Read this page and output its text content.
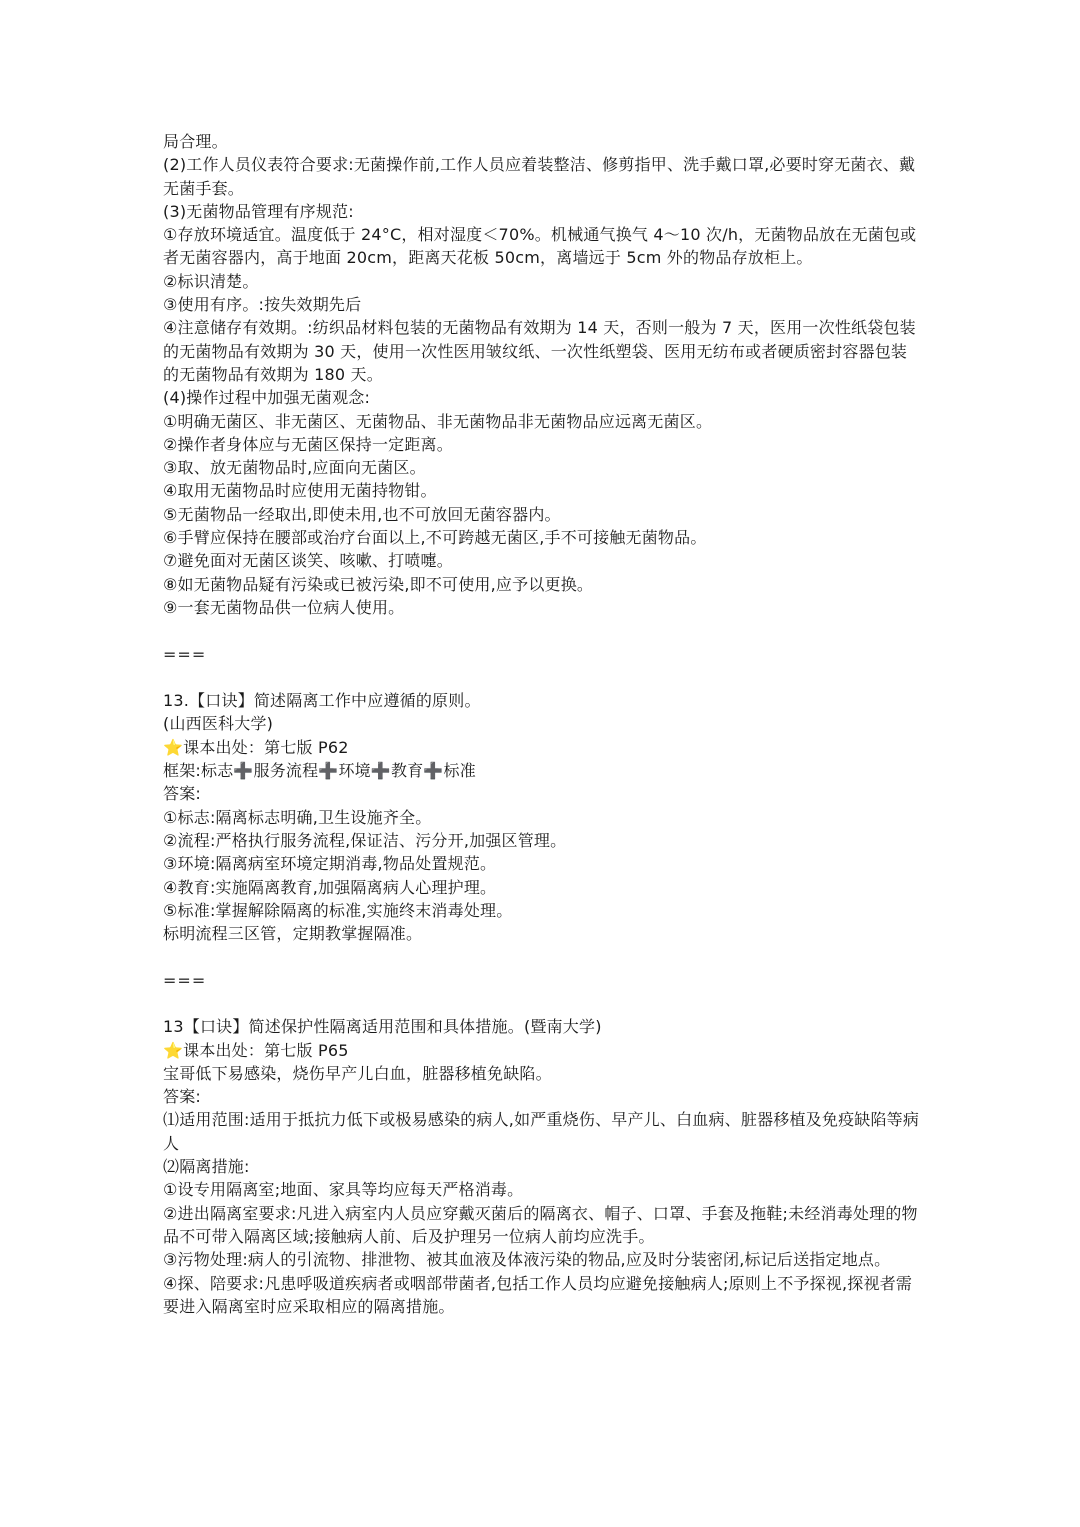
局合理。
(2)工作人员仪表符合要求:无菌操作前,工作人员应着装整洁、修剪指甲、洗手戴口罩,必要时穿无菌衣、戴无菌手套。
(3)无菌物品管理有序规范:
①存放环境适宜。温度低于 24°C，相对湿度＜70%。机械通气换气 4～10 次/h，无菌物品放在无菌包或者无菌容器内，高于地面 20cm，距离天花板 50cm，离墙远于 5cm 外的物品存放柜上。
②标识清楚。
③使用有序。:按失效期先后
④注意储存有效期。:纺织品材料包装的无菌物品有效期为 14 天，否则一般为 7 天，医用一次性纸袋包装的无菌物品有效期为 30 天，使用一次性医用皱纹纸、一次性纸塑袋、医用无纺布或者硬质密封容器包装的无菌物品有效期为 180 天。
(4)操作过程中加强无菌观念:
①明确无菌区、非无菌区、无菌物品、非无菌物品非无菌物品应远离无菌区。
②操作者身体应与无菌区保持一定距离。
③取、放无菌物品时,应面向无菌区。
④取用无菌物品时应使用无菌持物钳。
⑤无菌物品一经取出,即使未用,也不可放回无菌容器内。
⑥手臂应保持在腰部或治疗台面以上,不可跨越无菌区,手不可接触无菌物品。
⑦避免面对无菌区谈笑、咳嗽、打喷嚏。
⑧如无菌物品疑有污染或已被污染,即不可使用,应予以更换。
⑨一套无菌物品供一位病人使用。
===
13.【口诀】简述隔离工作中应遵循的原则。
(山西医科大学)
⭐课本出处：第七版 P62
框架:标志➕服务流程➕环境➕教育➕标准
答案:
①标志:隔离标志明确,卫生设施齐全。
②流程:严格执行服务流程,保证洁、污分开,加强区管理。
③环境:隔离病室环境定期消毒,物品处置规范。
④教育:实施隔离教育,加强隔离病人心理护理。
⑤标准:掌握解除隔离的标准,实施终末消毒处理。
标明流程三区管，定期教掌握隔准。
===
13【口诀】简述保护性隔离适用范围和具体措施。(暨南大学)
⭐课本出处：第七版 P65
宝哥低下易感染，烧伤早产儿白血，脏器移植免缺陷。
答案:
⑴适用范围:适用于抵抗力低下或极易感染的病人,如严重烧伤、早产儿、白血病、脏器移植及免疫缺陷等病人
⑵隔离措施:
①设专用隔离室;地面、家具等均应每天严格消毒。
②进出隔离室要求:凡进入病室内人员应穿戴灭菌后的隔离衣、帽子、口罩、手套及拖鞋;未经消毒处理的物品不可带入隔离区域;接触病人前、后及护理另一位病人前均应洗手。
③污物处理:病人的引流物、排泄物、被其血液及体液污染的物品,应及时分装密闭,标记后送指定地点。
④探、陪要求:凡患呼吸道疾病者或咽部带菌者,包括工作人员均应避免接触病人;原则上不予探视,探视者需要进入隔离室时应采取相应的隔离措施。
